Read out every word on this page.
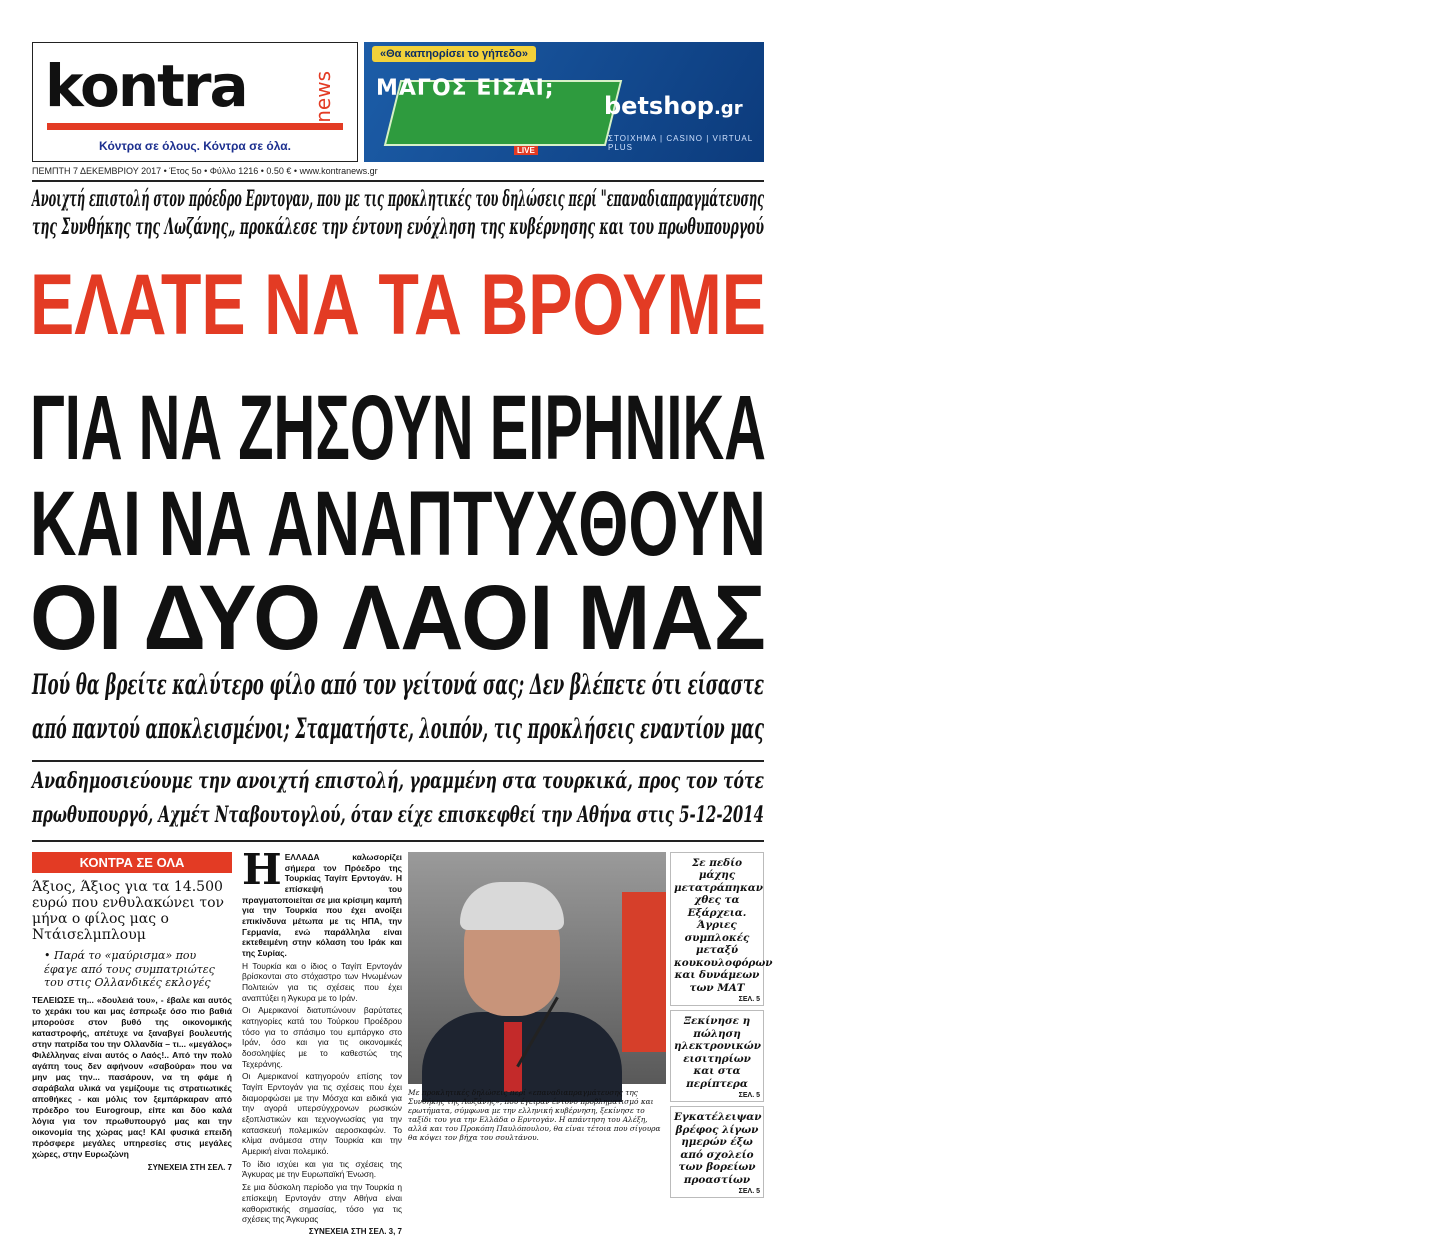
kontra	news
Κόντρα σε όλους. Κόντρα σε όλα.
«Θα καπηορίσει το γήπεδο»
ΜΑΓΟΣ ΕΙΣΑΙ;
betshop.gr
ΣΤΟΙΧΗΜΑ | CASINO | VIRTUAL PLUS
LIVE
ΠΕΜΠΤΗ 7 ΔΕΚΕΜΒΡΙΟΥ 2017 • Έτος 5ο • Φύλλο 1216 • 0.50 € • www.kontranews.gr
Ανοιχτή επιστολή στον πρόεδρο Ερντογαν, που με τις προκλητικές του δηλώσεις περί "επαναδιαπραγμάτευσης
της Συνθήκης της Λωζάνης„ προκάλεσε την έντονη ενόχληση της κυβέρνησης και του πρωθυπουργού
ΕΛΑΤΕ ΝΑ ΤΑ ΒΡΟΥΜΕ
ΓΙΑ ΝΑ ΖΗΣΟΥΝ ΕΙΡΗΝΙΚΑ
ΚΑΙ ΝΑ ΑΝΑΠΤΥΧΘΟΥΝ
ΟΙ ΔΥΟ ΛΑΟΙ ΜΑΣ
Πού θα βρείτε καλύτερο φίλο από τον γείτονά σας; Δεν βλέπετε ότι είσαστε
από παντού αποκλεισμένοι; Σταματήστε, λοιπόν, τις προκλήσεις εναντίον μας
Αναδημοσιεύουμε την ανοιχτή επιστολή, γραμμένη στα τουρκικά, προς τον τότε
πρωθυπουργό, Αχμέτ Νταβουτογλού, όταν είχε επισκεφθεί την Αθήνα στις 5-12-2014
ΚΟΝΤΡΑ ΣΕ ΟΛΑ
Άξιος, Άξιος για τα 14.500 ευρώ που ενθυλακώνει τον μήνα ο φίλος μας ο Ντάισελμπλουμ
• Παρά το «μαύρισμα» που έφαγε από τους συμπατριώτες του στις Ολλανδικές εκλογές
ΤΕΛΕΙΩΣΕ τη... «δουλειά του», - έβαλε και αυτός το χεράκι του και μας έσπρωξε όσο πιο βαθιά μπορούσε στον βυθό της οικονομικής καταστροφής, απέτυχε να ξαναβγεί βουλευτής στην πατρίδα του την Ολλανδία – τι... «μεγάλος» Φιλέλληνας είναι αυτός ο Λαός!.. Από την πολύ αγάπη τους δεν αφήνουν «σαβούρα» που να μην μας την... πασάρουν, να τη φάμε ή σαράβαλα υλικά να γεμίζουμε τις στρατιωτικές αποθήκες - και μόλις τον ξεμπάρκαραν από πρόεδρο του Eurogroup, είπε και δύο καλά λόγια για τον πρωθυπουργό μας και την οικονομία της χώρας μας! ΚΑΙ φυσικά επειδή πρόσφερε μεγάλες υπηρεσίες στις μεγάλες χώρες, στην Ευρωζώνη
ΣΥΝΕΧΕΙΑ ΣΤΗ ΣΕΛ. 7

ΗΕΛΛΑΔΑ καλωσορίζει σήμερα τον Πρόεδρο της Τουρκίας Ταγίπ Ερντογάν. Η επίσκεψή του πραγματοποιείται σε μια κρίσιμη καμπή για την Τουρκία που έχει ανοίξει επικίνδυνα μέτωπα με τις ΗΠΑ, την Γερμανία, ενώ παράλληλα είναι εκτεθειμένη στην κόλαση του Ιράκ και της Συρίας.

Η Τουρκία και ο ίδιος ο Ταγίπ Ερντογάν βρίσκονται στο στόχαστρο των Ηνωμένων Πολιτειών για τις σχέσεις που έχει αναπτύξει η Άγκυρα με το Ιράν.

Οι Αμερικανοί διατυπώνουν βαρύτατες κατηγορίες κατά του Τούρκου Προέδρου τόσο για το σπάσιμο του εμπάργκο στο Ιράν, όσο και για τις οικονομικές δοσοληψίες με το καθεστώς της Τεχεράνης.

Οι Αμερικανοί κατηγορούν επίσης τον Ταγίπ Ερντογάν για τις σχέσεις που έχει διαμορφώσει με την Μόσχα και ειδικά για την αγορά υπερσύγχρονων ρωσικών εξοπλιστικών και τεχνογνωσίας για την κατασκευή πολεμικών αεροσκαφών. Το κλίμα ανάμεσα στην Τουρκία και την Αμερική είναι πολεμικό.

Το ίδιο ισχύει και για τις σχέσεις της Άγκυρας με την Ευρωπαϊκή Ένωση.

Σε μια δύσκολη περίοδο για την Τουρκία η επίσκεψη Ερντογάν στην Αθήνα είναι καθοριστικής σημασίας, τόσο για τις σχέσεις της Άγκυρας

ΣΥΝΕΧΕΙΑ ΣΤΗ ΣΕΛ. 3, 7
Με προκλητικές δηλώσεις περί «επαναδιαπραγμάτευσης της Συνθήκης της Λωζάνης», που έγειραν έντονο προβληματισμό και ερωτήματα, σύμφωνα με την ελληνική κυβέρνηση, ξεκίνησε το ταξίδι του για την Ελλάδα ο Ερντογάν. Η απάντηση του Αλέξη, αλλά και του Προκόπη Παυλόπουλου, θα είναι τέτοια που σίγουρα θα κόψει τον βήχα του σουλτάνου.
Σε πεδίο μάχης μετατράπηκαν χθες τα Εξάρχεια. Άγριες συμπλοκές μεταξύ κουκουλοφόρων και δυνάμεων των ΜΑΤ
ΣΕΛ. 5
Ξεκίνησε η πώληση ηλεκτρονικών εισιτηρίων και στα περίπτερα
ΣΕΛ. 5
Εγκατέλειψαν βρέφος λίγων ημερών έξω από σχολείο των βορείων προαστίων
ΣΕΛ. 5
